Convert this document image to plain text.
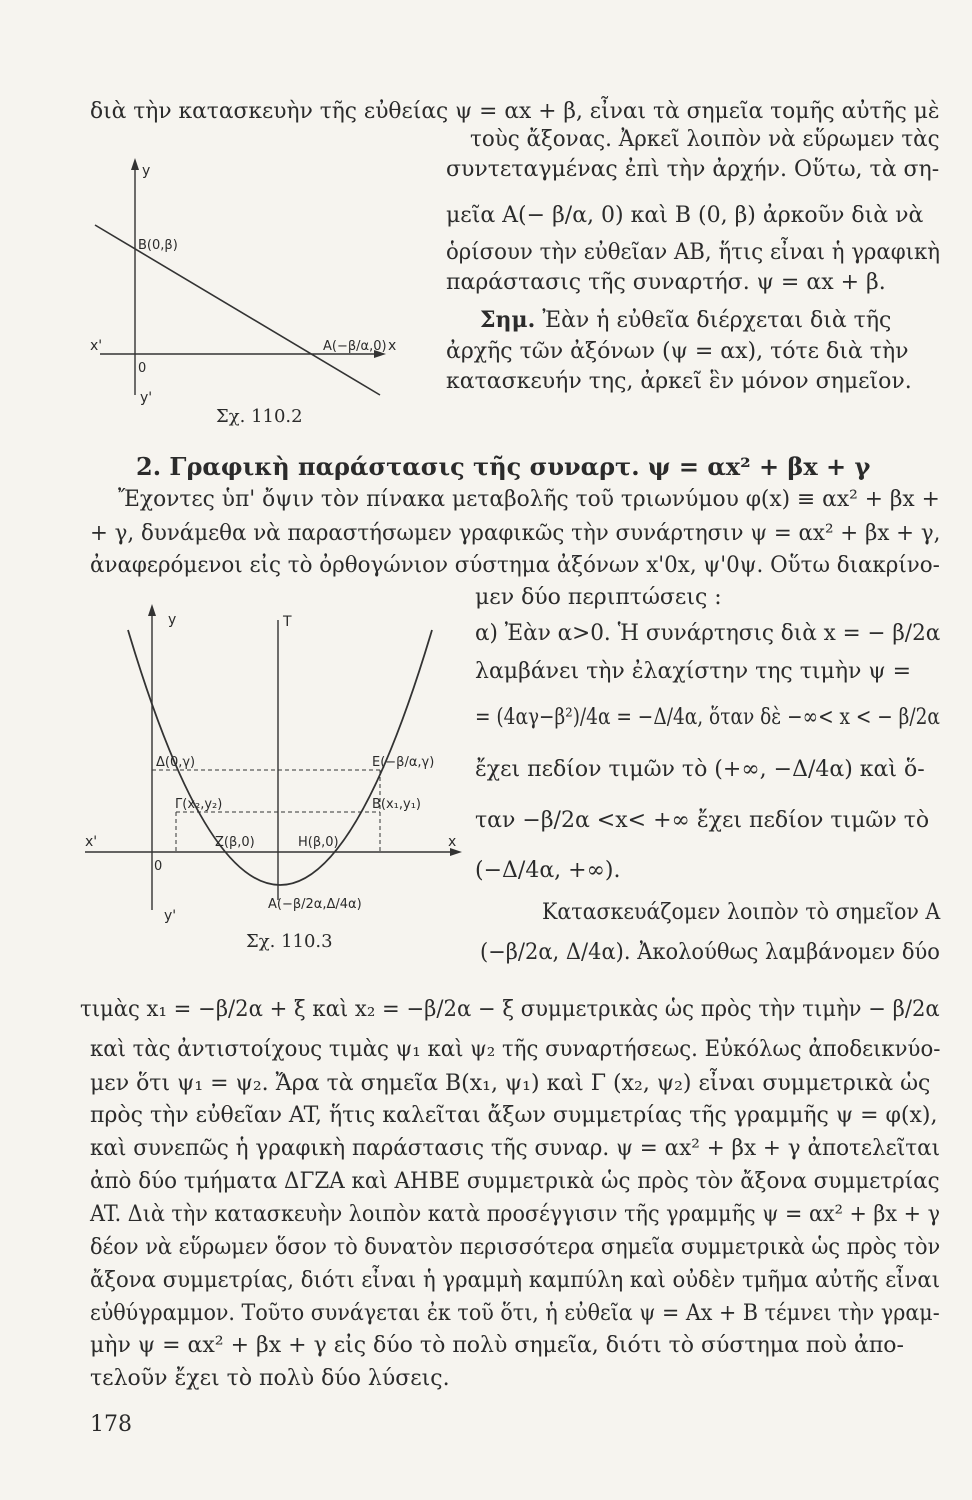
διὰ τὴν κατασκευὴν τῆς εὐθείας ψ = αx + β, εἶναι τὰ σημεῖα τομῆς αὐτῆς μὲ
τοὺς ἄξονας. Ἀρκεῖ λοιπὸν νὰ εὕρωμεν τὰς
συντεταγμένας ἐπὶ τὴν ἀρχήν. Οὕτω, τὰ ση-
μεῖα A(− β/α, 0) καὶ B (0, β) ἀρκοῦν διὰ νὰ
ὁρίσουν τὴν εὐθεῖαν AB, ἥτις εἶναι ἡ γραφικὴ
παράστασις τῆς συναρτήσ. ψ = αx + β.
Σημ. Ἐὰν ἡ εὐθεῖα διέρχεται διὰ τῆς
ἀρχῆς τῶν ἀξόνων (ψ = αx), τότε διὰ τὴν
κατασκευήν της, ἀρκεῖ ἓν μόνον σημεῖον.
y
B(0,β)
x'
0
A(−β/α,0) x
y'
Σχ. 110.2
2. Γραφικὴ παράστασις τῆς συναρτ. ψ = αx² + βx + γ
Ἔχοντες ὑπ' ὄψιν τὸν πίνακα μεταβολῆς τοῦ τριωνύμου φ(x) ≡ αx² + βx +
+ γ, δυνάμεθα νὰ παραστήσωμεν γραφικῶς τὴν συνάρτησιν ψ = αx² + βx + γ,
ἀναφερόμενοι εἰς τὸ ὀρθογώνιον σύστημα ἀξόνων x'0x, ψ'0ψ. Οὕτω διακρίνο-
μεν δύο περιπτώσεις :
α) Ἐὰν α>0. Ἡ συνάρτησις διὰ x = − β/2α
λαμβάνει τὴν ἐλαχίστην της τιμὴν ψ =
= (4αγ−β²)/4α = −Δ/4α, ὅταν δὲ −∞< x < − β/2α
ἔχει πεδίον τιμῶν τὸ (+∞, −Δ/4α) καὶ ὅ-
ταν −β/2α <x< +∞ ἔχει πεδίον τιμῶν τὸ
(−Δ/4α, +∞).
Κατασκευάζομεν λοιπὸν τὸ σημεῖον A
(−β/2α, Δ/4α). Ἀκολούθως λαμβάνομεν δύο
y	T
Δ(0,γ)	E(−β/α,γ)
Γ(x₂,y₂)	B(x₁,y₁)
x'
0
Z(β,0)	H(β,0)	x
y'
A(−β/2α,Δ/4α)
Σχ. 110.3
τιμὰς x₁ = −β/2α + ξ καὶ x₂ = −β/2α − ξ συμμετρικὰς ὡς πρὸς τὴν τιμὴν − β/2α
καὶ τὰς ἀντιστοίχους τιμὰς ψ₁ καὶ ψ₂ τῆς συναρτήσεως. Εὐκόλως ἀποδεικνύο-
μεν ὅτι ψ₁ = ψ₂. Ἄρα τὰ σημεῖα B(x₁, ψ₁) καὶ Γ (x₂, ψ₂) εἶναι συμμετρικὰ ὡς
πρὸς τὴν εὐθεῖαν AT, ἥτις καλεῖται ἄξων συμμετρίας τῆς γραμμῆς ψ = φ(x),
καὶ συνεπῶς ἡ γραφικὴ παράστασις τῆς συναρ. ψ = αx² + βx + γ ἀποτελεῖται
ἀπὸ δύο τμήματα ΔΓΖΑ καὶ AHBE συμμετρικὰ ὡς πρὸς τὸν ἄξονα συμμετρίας
AT. Διὰ τὴν κατασκευὴν λοιπὸν κατὰ προσέγγισιν τῆς γραμμῆς ψ = αx² + βx + γ
δέον νὰ εὕρωμεν ὅσον τὸ δυνατὸν περισσότερα σημεῖα συμμετρικὰ ὡς πρὸς τὸν
ἄξονα συμμετρίας, διότι εἶναι ἡ γραμμὴ καμπύλη καὶ οὐδὲν τμῆμα αὐτῆς εἶναι
εὐθύγραμμον. Τοῦτο συνάγεται ἐκ τοῦ ὅτι, ἡ εὐθεῖα ψ = Ax + B τέμνει τὴν γραμ-
μὴν ψ = αx² + βx + γ εἰς δύο τὸ πολὺ σημεῖα, διότι τὸ σύστημα ποὺ ἀπο-
τελοῦν ἔχει τὸ πολὺ δύο λύσεις.
178
